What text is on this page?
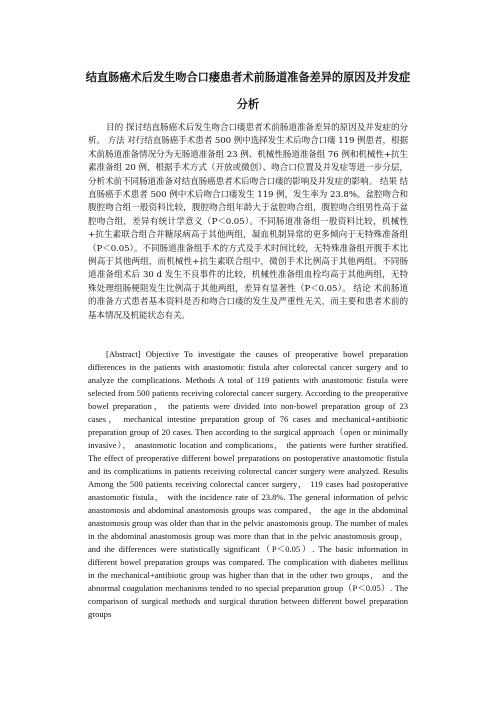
结直肠癌术后发生吻合口瘘患者术前肠道准备差异的原因及并发症
分析
目的 探讨结直肠癌术后发生吻合口瘘患者术前肠道准备差异的原因及并发症的分析。 方法 对行结直肠癌手术患者 500 例中选择发生术后吻合口瘘 119 例患者，根据术前肠道准备情况分为无肠道准备组 23 例、机械性肠道准备组 76 例和机械性+抗生素准备组 20 例，根据手术方式（开放或微创）、吻合口位置及并发症等进一步分层，分析术前不同肠道准备对结直肠癌患者术后吻合口瘘的影响及并发症的影响。 结果 结直肠癌手术患者 500 例中术后吻合口瘘发生 119 例，发生率为 23.8%。盆腔吻合和腹腔吻合组一般资料比较，腹腔吻合组年龄大于盆腔吻合组，腹腔吻合组男性高于盆腔吻合组，差异有统计学意义（P＜0.05）。不同肠道准备组一般资料比较，机械性+抗生素联合组合并糖尿病高于其他两组，凝血机制异常的更多倾向于无特殊准备组（P＜0.05）。不同肠道准备组手术的方式及手术时间比较，无特殊准备组开腹手术比例高于其他两组，而机械性+抗生素联合组中，微创手术比例高于其他两组。不同肠道准备组术后 30 d 发生不良事件的比较，机械性准备组血栓均高于其他两组，无特殊处理组肠梗阻发生比例高于其他两组，差异有显著性（P＜0.05）。 结论 术前肠道的准备方式患者基本资料是否和吻合口瘘的发生及严重性无关，而主要和患者术前的基本情况及机能状态有关。
[Abstract] Objective To investigate the causes of preoperative bowel preparation differences in the patients with anastomotic fistula after colorectal cancer surgery and to analyze the complications. Methods A total of 119 patients with anastomotic fistula were selected from 500 patients receiving colorectal cancer surgery. According to the preoperative bowel preparation， the patients were divided into non-bowel preparation group of 23 cases， mechanical intestine preparation group of 76 cases and mechanical+antibiotic preparation group of 20 cases. Then according to the surgical approach（open or minimally invasive）， anastomotic location and complications， the patients were further stratified. The effect of preoperative different bowel preparations on postoperative anastomotic fistula and its complications in patients receiving colorectal cancer surgery were analyzed. Results Among the 500 patients receiving colorectal cancer surgery， 119 cases had postoperative anastomotic fistula， with the incidence rate of 23.8%. The general information of pelvic anastomosis and abdominal anastomosis groups was compared， the age in the abdominal anastomosis group was older than that in the pelvic anastomosis group. The number of males in the abdominal anastomosis group was more than that in the pelvic anastomosis group， and the differences were statistically significant（P＜0.05）. The basic information in different bowel preparation groups was compared. The complication with diabetes mellitus in the mechanical+antibiotic group was higher than that in the other two groups， and the abnormal coagulation mechanisms tended to no special preparation group（P＜0.05）. The comparison of surgical methods and surgical duration between different bowel preparation groups
